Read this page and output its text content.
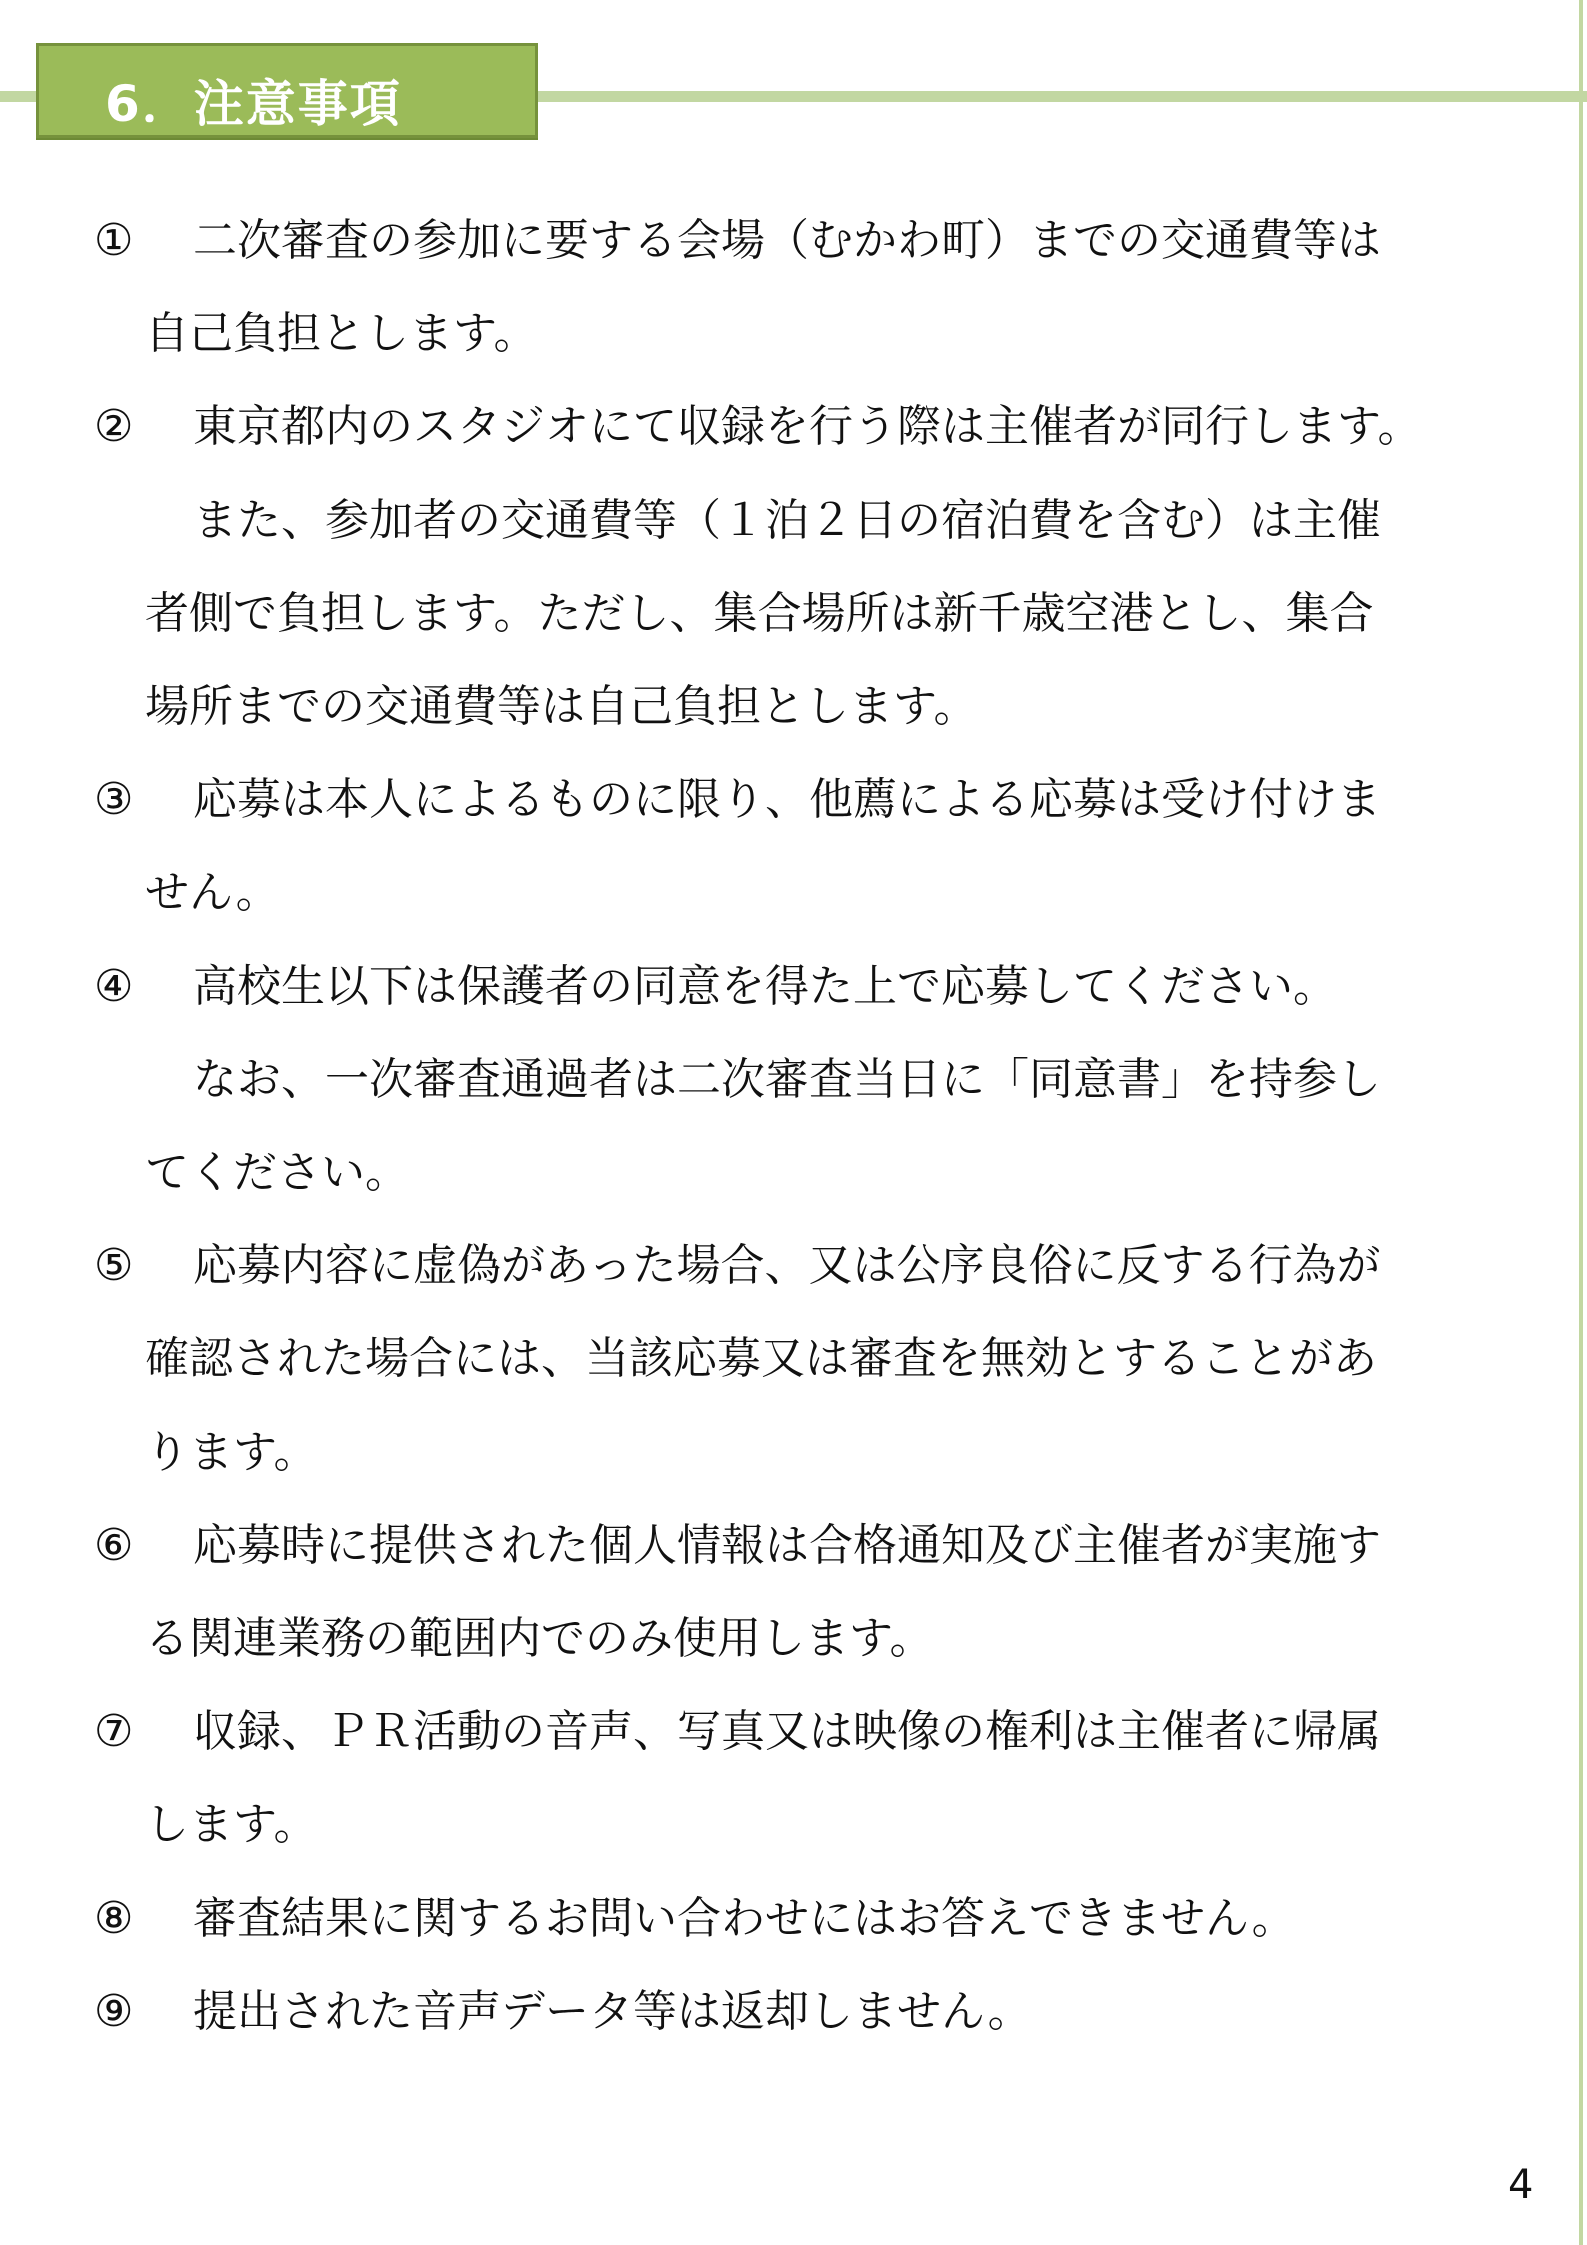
6．注意事項
① 二次審査の参加に要する会場（むかわ町）までの交通費等は
自己負担とします。
② 東京都内のスタジオにて収録を行う際は主催者が同行します。
また、参加者の交通費等（１泊２日の宿泊費を含む）は主催
者側で負担します。ただし、集合場所は新千歳空港とし、集合
場所までの交通費等は自己負担とします。
③ 応募は本人によるものに限り、他薦による応募は受け付けま
せん。
④ 高校生以下は保護者の同意を得た上で応募してください。
なお、一次審査通過者は二次審査当日に「同意書」を持参し
てください。
⑤ 応募内容に虚偽があった場合、又は公序良俗に反する行為が
確認された場合には、当該応募又は審査を無効とすることがあ
ります。
⑥ 応募時に提供された個人情報は合格通知及び主催者が実施す
る関連業務の範囲内でのみ使用します。
⑦ 収録、ＰＲ活動の音声、写真又は映像の権利は主催者に帰属
します。
⑧ 審査結果に関するお問い合わせにはお答えできません。
⑨ 提出された音声データ等は返却しません。
4
